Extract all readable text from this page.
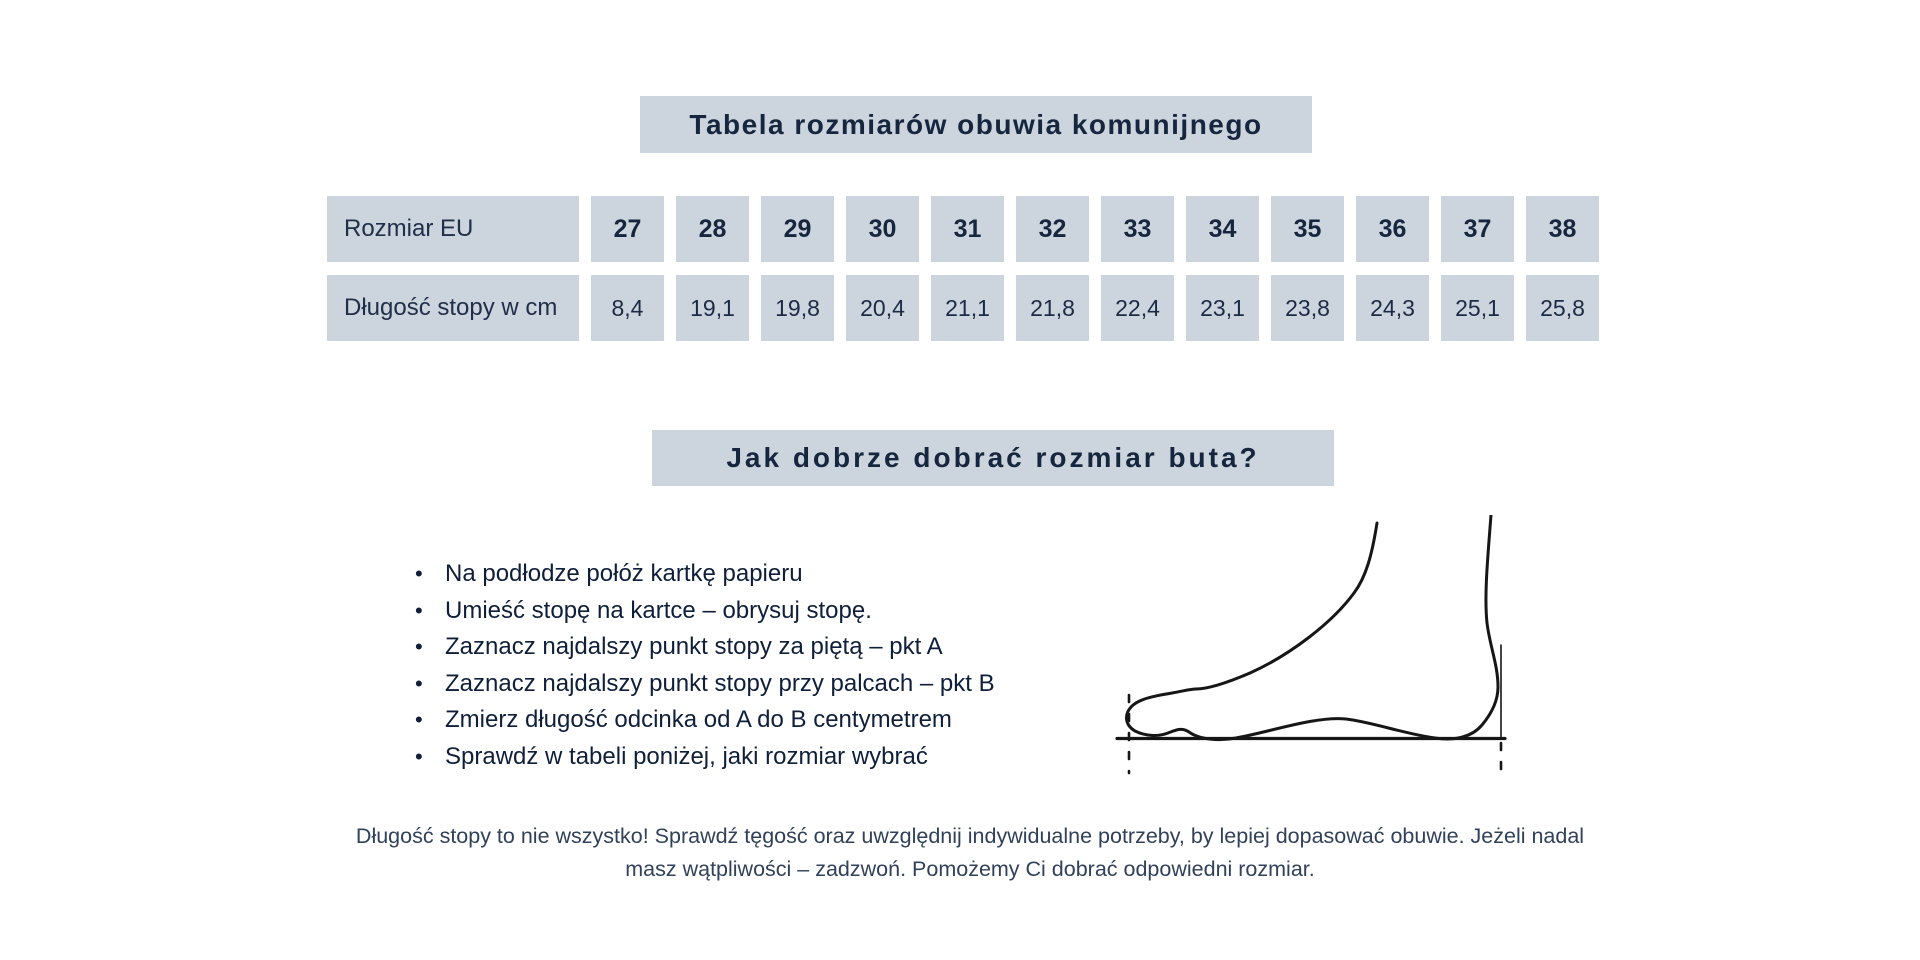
Tabela rozmiarów obuwia komunijnego
Rozmiar EU	27	28	29	30	31	32	33	34	35	36	37	38
Długość stopy w cm	8,4	19,1	19,8	20,4	21,1	21,8	22,4	23,1	23,8	24,3	25,1	25,8
Jak dobrze dobrać rozmiar buta?
• Na podłodze połóż kartkę papieru
• Umieść stopę na kartce – obrysuj stopę.
• Zaznacz najdalszy punkt stopy za piętą – pkt A
• Zaznacz najdalszy punkt stopy przy palcach – pkt B
• Zmierz długość odcinka od A do B centymetrem
• Sprawdź w tabeli poniżej, jaki rozmiar wybrać

Długość stopy to nie wszystko! Sprawdź tęgość oraz uwzględnij indywidualne potrzeby, by lepiej dopasować obuwie. Jeżeli nadal masz wątpliwości – zadzwoń. Pomożemy Ci dobrać odpowiedni rozmiar.
